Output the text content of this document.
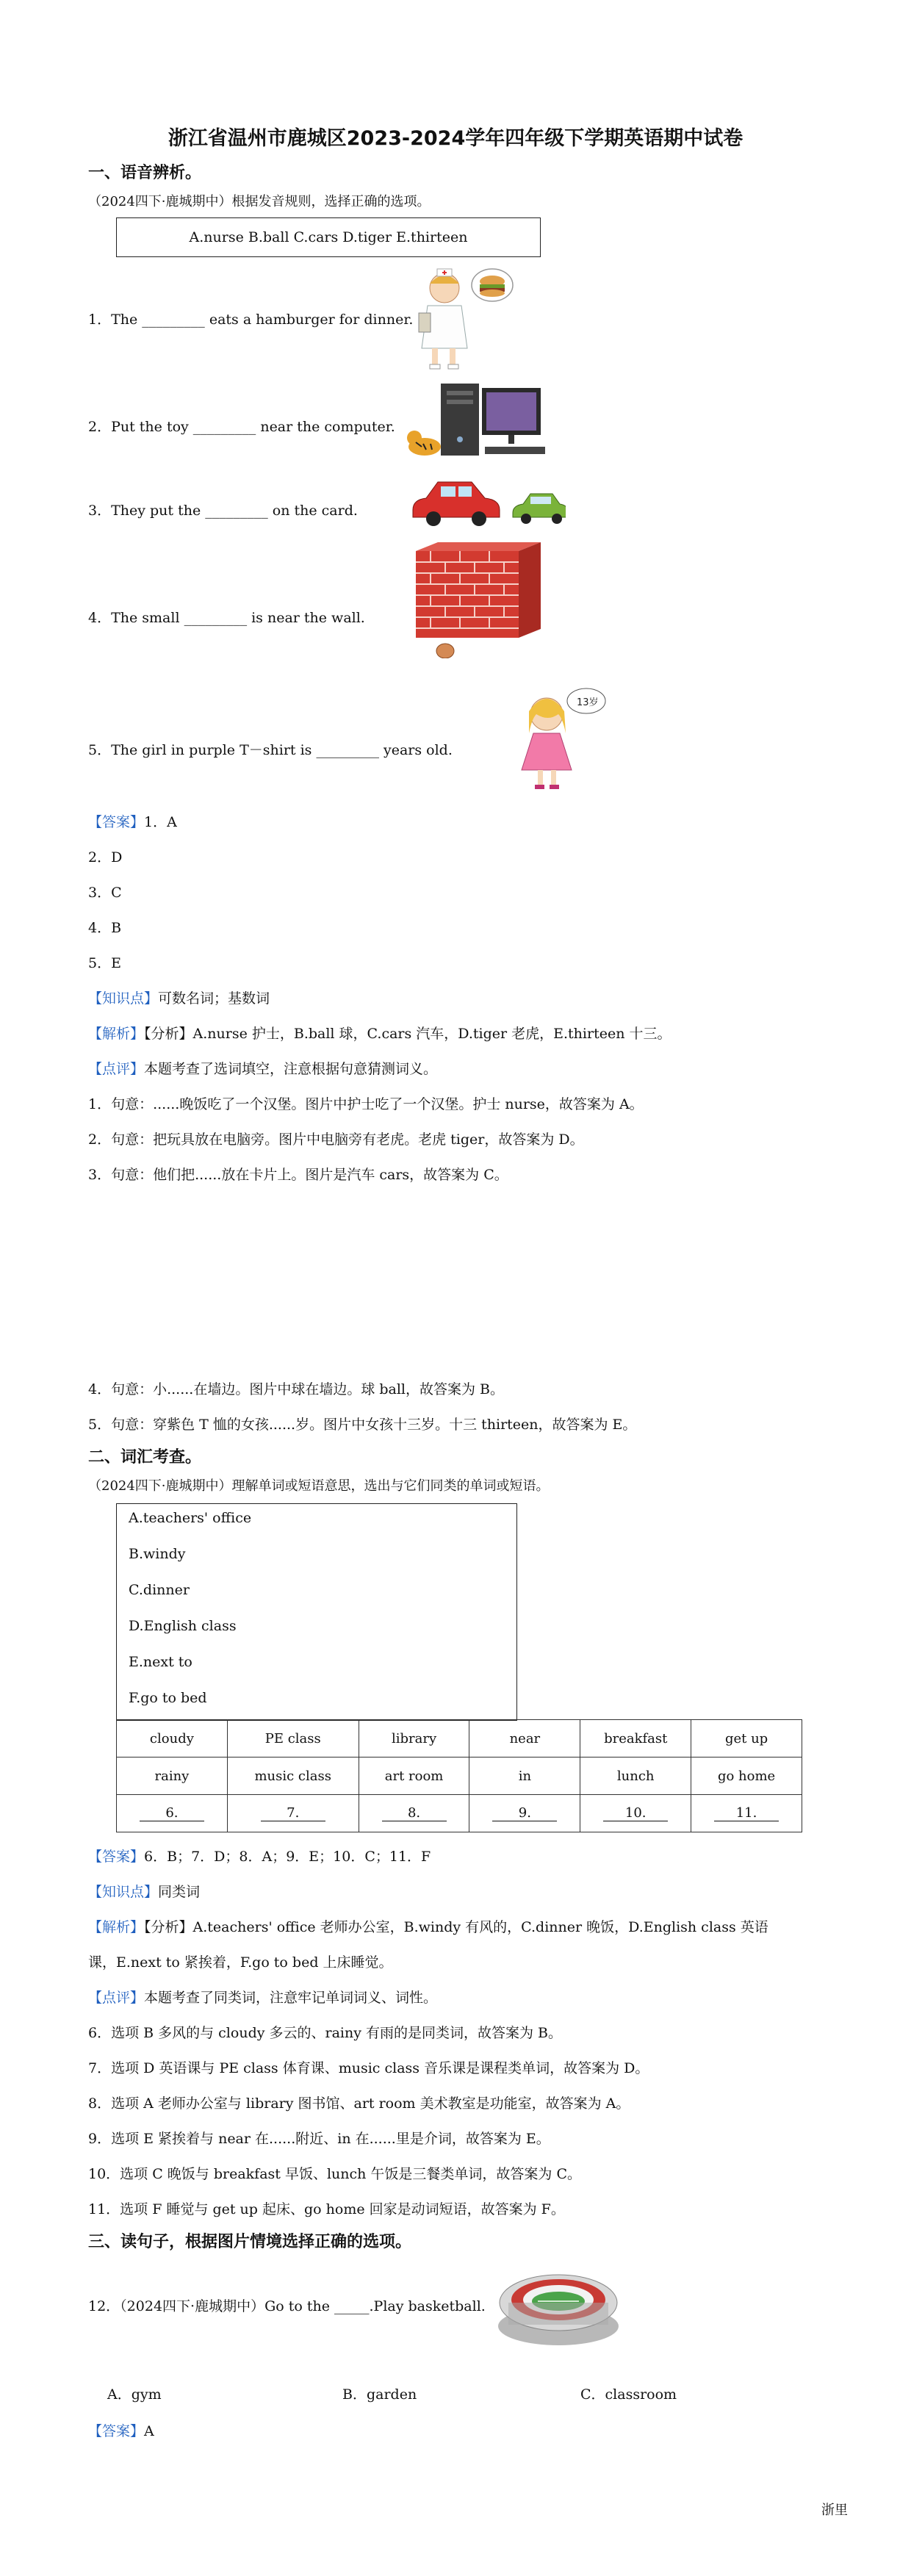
浙江省温州市鹿城区2023-2024学年四年级下学期英语期中试卷
一、语音辨析。
（2024四下·鹿城期中）根据发音规则，选择正确的选项。
A.nurse B.ball C.cars D.tiger E.thirteen
1．The _________ eats a hamburger for dinner.
2．Put the toy _________ near the computer.
3．They put the _________ on the card.
4．The small _________ is near the wall.
5．The girl in purple T－shirt is _________ years old.
13岁
【答案】1．A
2．D
3．C
4．B
5．E
【知识点】可数名词；基数词
【解析】【分析】A.nurse 护士，B.ball 球，C.cars 汽车，D.tiger 老虎，E.thirteen 十三。
【点评】本题考查了选词填空，注意根据句意猜测词义。
1．句意：......晚饭吃了一个汉堡。图片中护士吃了一个汉堡。护士 nurse，故答案为 A。
2．句意：把玩具放在电脑旁。图片中电脑旁有老虎。老虎 tiger，故答案为 D。
3．句意：他们把......放在卡片上。图片是汽车 cars，故答案为 C。
4．句意：小......在墙边。图片中球在墙边。球 ball，故答案为 B。
5．句意：穿紫色 T 恤的女孩......岁。图片中女孩十三岁。十三 thirteen，故答案为 E。
二、词汇考查。
（2024四下·鹿城期中）理解单词或短语意思，选出与它们同类的单词或短语。
A.teachers' office
B.windy
C.dinner
D.English class
E.next to
F.go to bed
cloudy	PE class	library	near	breakfast	get up
rainy	music class	art room	in	lunch	go home
6.	7.	8.	9.	10.	11.
【答案】6．B；7．D；8．A；9．E；10．C；11．F
【知识点】同类词
【解析】【分析】A.teachers' office 老师办公室，B.windy 有风的，C.dinner 晚饭，D.English class 英语
课，E.next to 紧挨着，F.go to bed 上床睡觉。
【点评】本题考查了同类词，注意牢记单词词义、词性。
6．选项 B 多风的与 cloudy 多云的、rainy 有雨的是同类词，故答案为 B。
7．选项 D 英语课与 PE class 体育课、music class 音乐课是课程类单词，故答案为 D。
8．选项 A 老师办公室与 library 图书馆、art room 美术教室是功能室，故答案为 A。
9．选项 E 紧挨着与 near 在......附近、in 在......里是介词，故答案为 E。
10．选项 C 晚饭与 breakfast 早饭、lunch 午饭是三餐类单词，故答案为 C。
11．选项 F 睡觉与 get up 起床、go home 回家是动词短语，故答案为 F。
三、读句子，根据图片情境选择正确的选项。
12．（2024四下·鹿城期中）Go to the _____.Play basketball.
A．gym	B．garden	C．classroom
【答案】A
浙里
